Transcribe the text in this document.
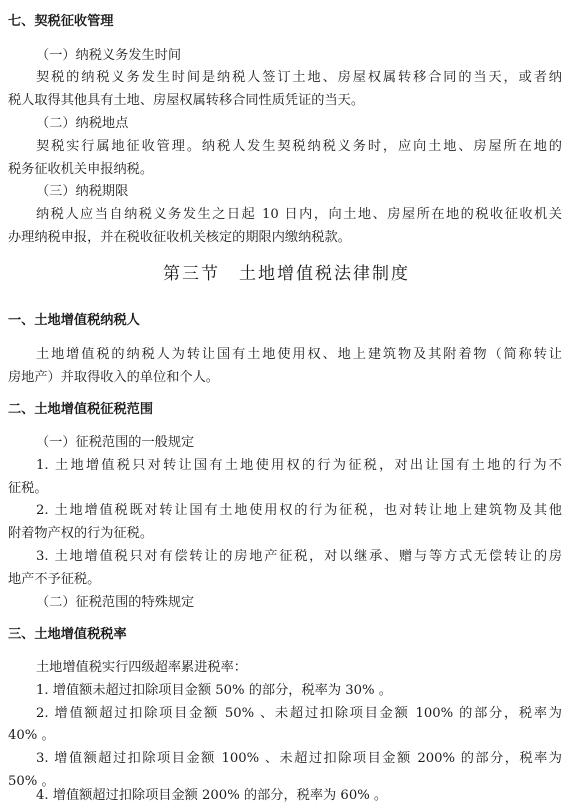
七、契税征收管理

（一）纳税义务发生时间

契税的纳税义务发生时间是纳税人签订土地、房屋权属转移合同的当天，或者纳

税人取得其他具有土地、房屋权属转移合同性质凭证的当天。

（二）纳税地点

契税实行属地征收管理。纳税人发生契税纳税义务时，应向土地、房屋所在地的

税务征收机关申报纳税。

（三）纳税期限

纳税人应当自纳税义务发生之日起 10 日内，向土地、房屋所在地的税收征收机关

办理纳税申报，并在税收征收机关核定的期限内缴纳税款。

第三节　土地增值税法律制度

一、土地增值税纳税人

土地增值税的纳税人为转让国有土地使用权、地上建筑物及其附着物（简称转让

房地产）并取得收入的单位和个人。

二、土地增值税征税范围

（一）征税范围的一般规定

1. 土地增值税只对转让国有土地使用权的行为征税，对出让国有土地的行为不

征税。

2. 土地增值税既对转让国有土地使用权的行为征税，也对转让地上建筑物及其他

附着物产权的行为征税。

3. 土地增值税只对有偿转让的房地产征税，对以继承、赠与等方式无偿转让的房

地产不予征税。

（二）征税范围的特殊规定

三、土地增值税税率

土地增值税实行四级超率累进税率：

1. 增值额未超过扣除项目金额 50% 的部分，税率为 30% 。

2. 增值额超过扣除项目金额 50% 、未超过扣除项目金额 100% 的部分，税率为

40% 。

3. 增值额超过扣除项目金额 100% 、未超过扣除项目金额 200% 的部分，税率为

50% 。

4. 增值额超过扣除项目金额 200% 的部分，税率为 60% 。
